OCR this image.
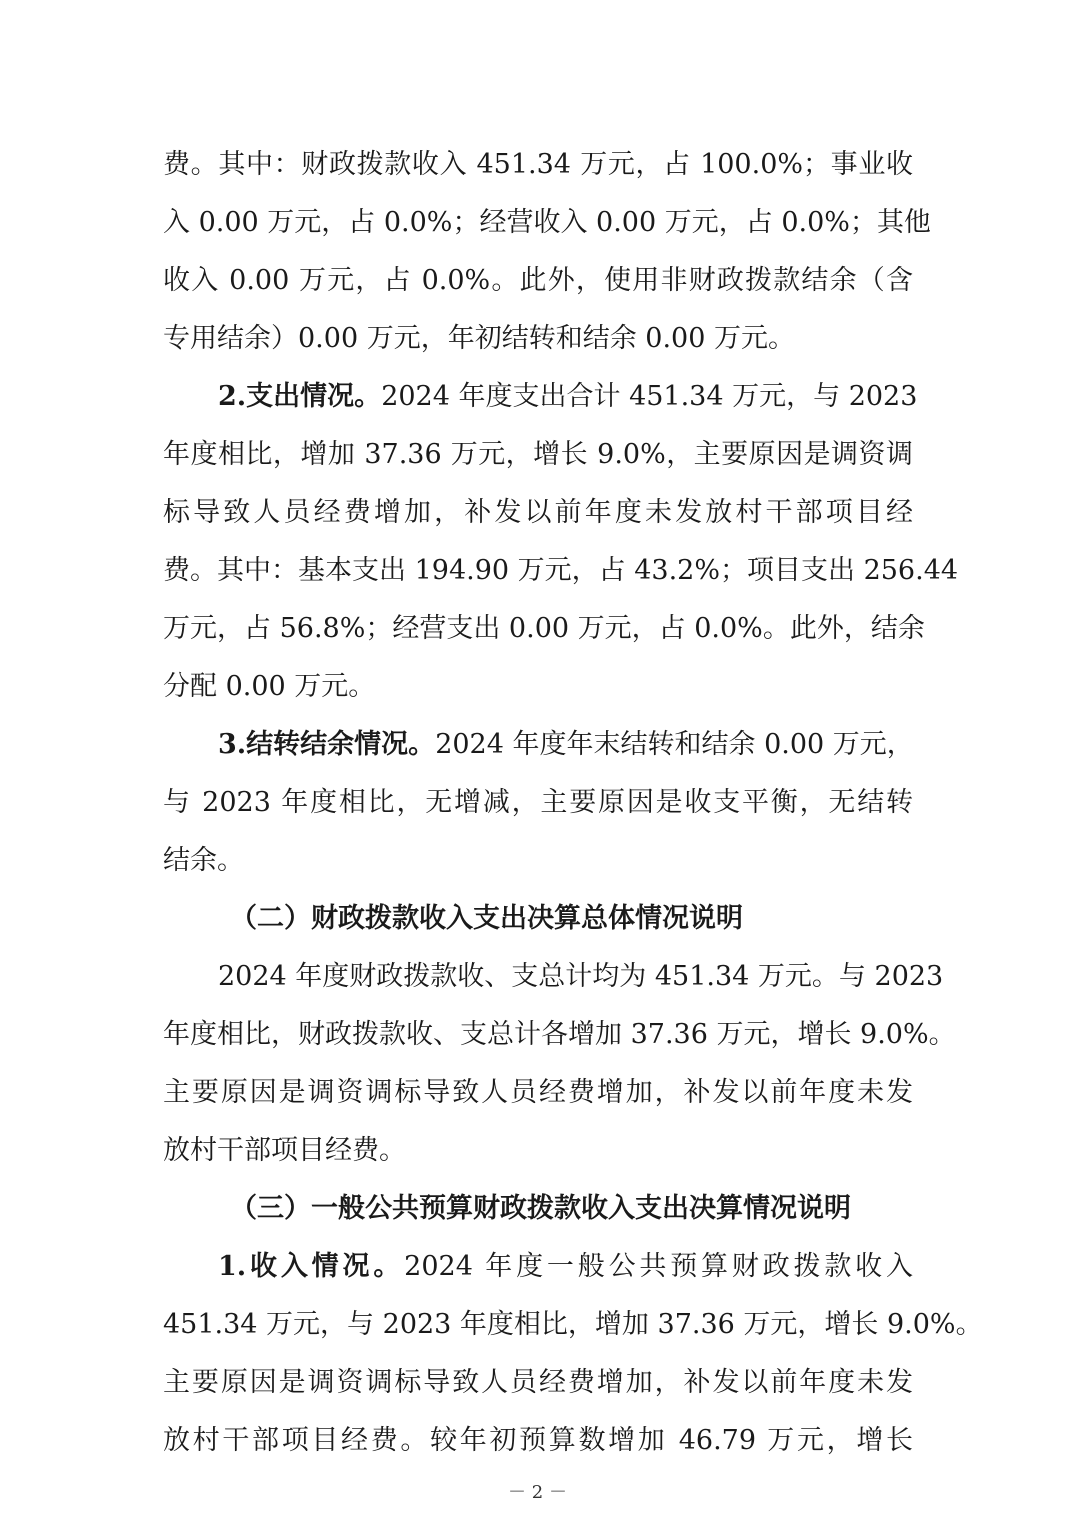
费。其中：财政拨款收入 451.34 万元，占 100.0%；事业收
入 0.00 万元，占 0.0%；经营收入 0.00 万元，占 0.0%；其他
收入 0.00 万元，占 0.0%。此外，使用非财政拨款结余（含
专用结余）0.00 万元，年初结转和结余 0.00 万元。
2.支出情况。2024 年度支出合计 451.34 万元，与 2023
年度相比，增加 37.36 万元，增长 9.0%，主要原因是调资调
标导致人员经费增加，补发以前年度未发放村干部项目经
费。其中：基本支出 194.90 万元，占 43.2%；项目支出 256.44
万元，占 56.8%；经营支出 0.00 万元，占 0.0%。此外，结余
分配 0.00 万元。
3.结转结余情况。2024 年度年末结转和结余 0.00 万元，
与 2023 年度相比，无增减，主要原因是收支平衡，无结转
结余。
（二）财政拨款收入支出决算总体情况说明
2024 年度财政拨款收、支总计均为 451.34 万元。与 2023
年度相比，财政拨款收、支总计各增加 37.36 万元，增长 9.0%。
主要原因是调资调标导致人员经费增加，补发以前年度未发
放村干部项目经费。
（三）一般公共预算财政拨款收入支出决算情况说明
1.收入情况。2024 年度一般公共预算财政拨款收入
451.34 万元，与 2023 年度相比，增加 37.36 万元，增长 9.0%。
主要原因是调资调标导致人员经费增加，补发以前年度未发
－ 2 －
放村干部项目经费。较年初预算数增加 46.79 万元，增长
